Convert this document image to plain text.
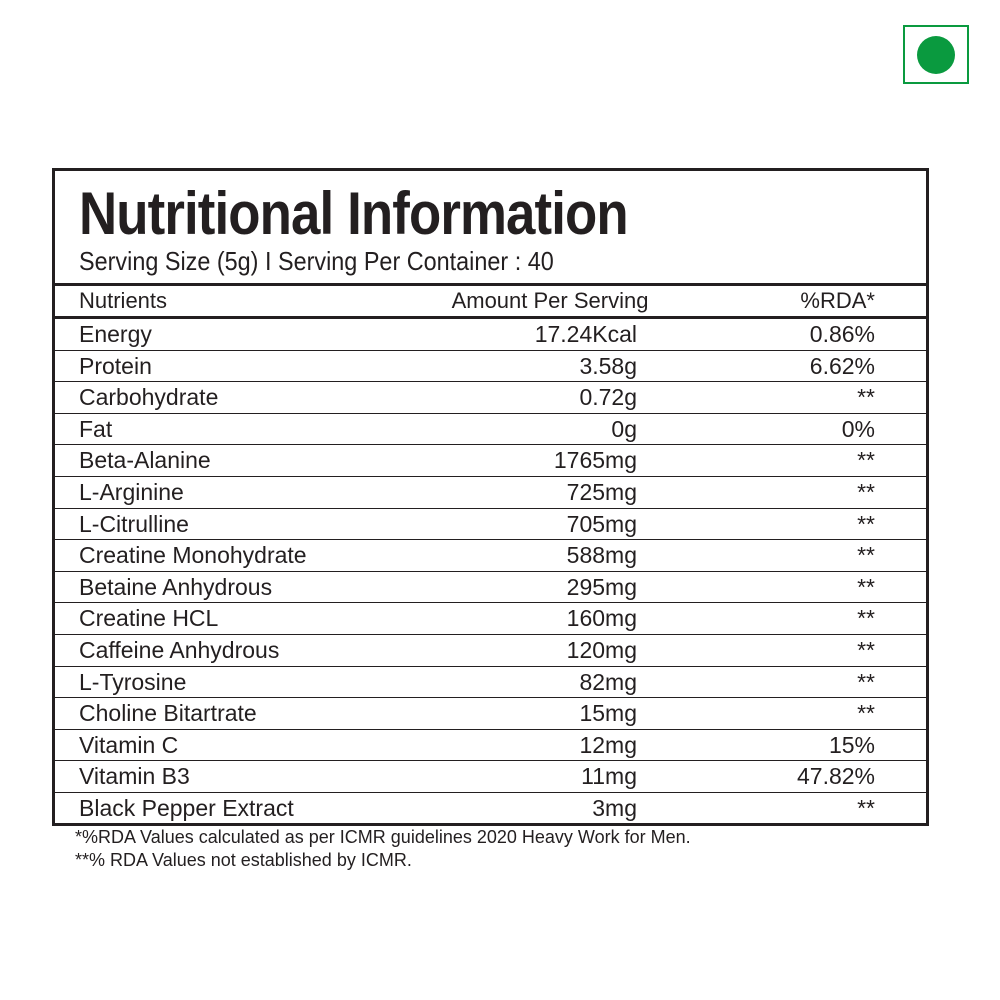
Nutritional Information
Serving Size (5g) I Serving Per Container : 40
Nutrients	Amount Per Serving	%RDA*
Energy	17.24Kcal	0.86%
Protein	3.58g	6.62%
Carbohydrate	0.72g	**
Fat	0g	0%
Beta-Alanine	1765mg	**
L-Arginine	725mg	**
L-Citrulline	705mg	**
Creatine Monohydrate	588mg	**
Betaine Anhydrous	295mg	**
Creatine HCL	160mg	**
Caffeine Anhydrous	120mg	**
L-Tyrosine	82mg	**
Choline Bitartrate	15mg	**
Vitamin C	12mg	15%
Vitamin B3	11mg	47.82%
Black Pepper Extract	3mg	**
*%RDA Values calculated as per ICMR guidelines 2020 Heavy Work for Men.
**% RDA Values not established by ICMR.
